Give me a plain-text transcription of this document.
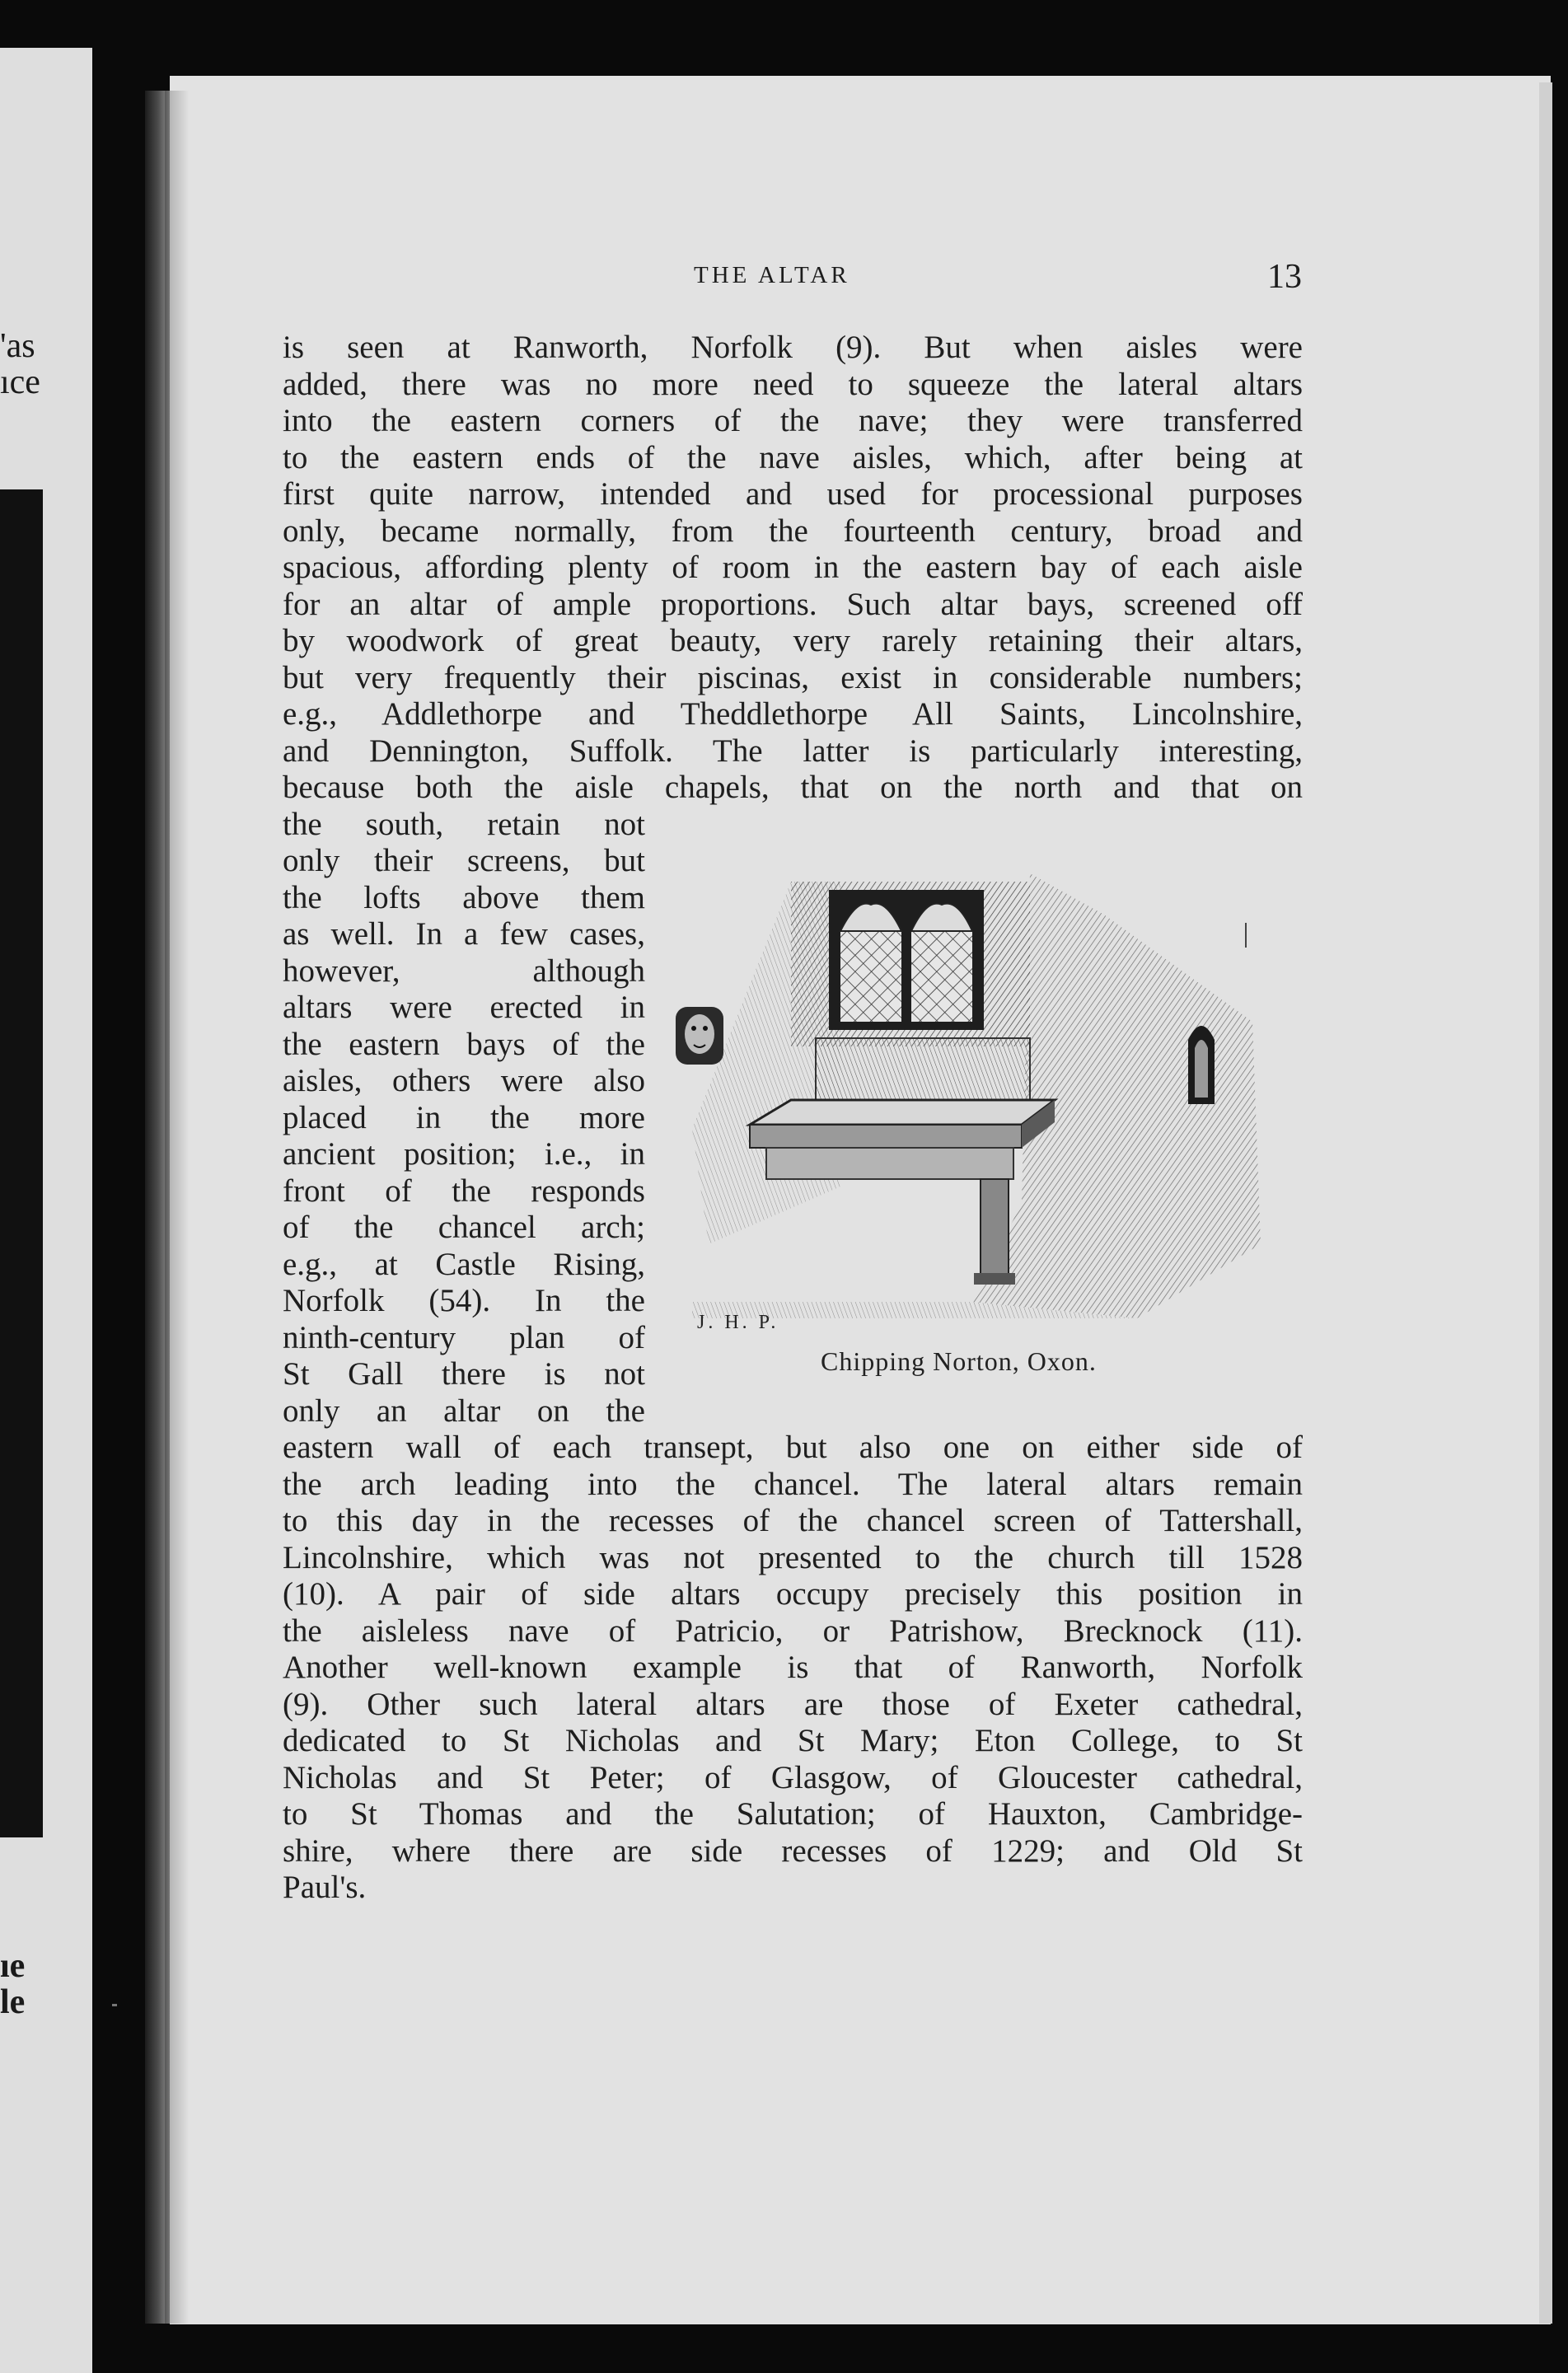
'as
ıce
ıe
le
THE ALTAR	13
is seen at Ranworth, Norfolk (9). But when aisles were
added, there was no more need to squeeze the lateral altars
into the eastern corners of the nave; they were transferred
to the eastern ends of the nave aisles, which, after being at
first quite narrow, intended and used for processional purposes
only, became normally, from the fourteenth century, broad and
spacious, affording plenty of room in the eastern bay of each aisle
for an altar of ample proportions. Such altar bays, screened off
by woodwork of great beauty, very rarely retaining their altars,
but very frequently their piscinas, exist in considerable numbers;
e.g., Addlethorpe and Theddlethorpe All Saints, Lincolnshire,
and Dennington, Suffolk. The latter is particularly interesting,
because both the aisle chapels, that on the north and that on
the south, retain not
only their screens, but
the lofts above them
as well. In a few cases,
however, although
altars were erected in
the eastern bays of the
aisles, others were also
placed in the more
ancient position; i.e., in
front of the responds
of the chancel arch;
e.g., at Castle Rising,
Norfolk (54). In the
ninth-century plan of
St Gall there is not
only an altar on the
eastern wall of each transept, but also one on either side of
the arch leading into the chancel. The lateral altars remain
to this day in the recesses of the chancel screen of Tattershall,
Lincolnshire, which was not presented to the church till 1528
(10). A pair of side altars occupy precisely this position in
the aisleless nave of Patricio, or Patrishow, Brecknock (11).
Another well-known example is that of Ranworth, Norfolk
(9). Other such lateral altars are those of Exeter cathedral,
dedicated to St Nicholas and St Mary; Eton College, to St
Nicholas and St Peter; of Glasgow, of Gloucester cathedral,
to St Thomas and the Salutation; of Hauxton, Cambridge-
shire, where there are side recesses of 1229; and Old St
Paul's.
J. H. P.
Chipping Norton, Oxon.
